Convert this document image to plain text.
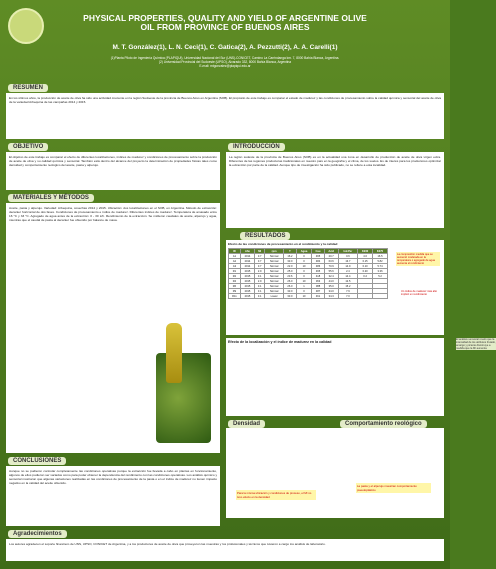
PHYSICAL PROPERTIES, QUALITY AND YIELD OF ARGENTINE OLIVE
OIL FROM PROVINCE OF BUENOS AIRES
M. T. González(1), L. N. Ceci(1), C. Gatica(2), A. Pezzutti(2), A. A. Carelli(1)
(1)Planta Piloto de Ingeniería Química (PLAPIQUI), Universidad Nacional del Sur (UNS)-CONICET, Camino La Carrindanga km. 7, 8000 Bahía Blanca, Argentina.
(2) Universidad Provincial del Sudoeste (UPSO), Alvarado 332, 8000 Bahía Blanca, Argentina
E-mail: mtgonzalez@plapiqui.edu.ar
RESUMEN
En los últimos años, la producción de aceite de oliva ha sido una actividad creciente en la región Sudoeste de la provincia de Buenos Aires en Argentina (SOB). El propósito de este trabajo es comparar el estado de madurez y las condiciones de procesamiento sobre la calidad química y sensorial del aceite de oliva de la variedad Arbequina de las campañas 2014 y 2015.
OBJETIVO
El objetivo de este trabajo es comparar el efecto de diferentes localizaciones, índices de madurez y condiciones de procesamiento sobre la producción de aceite de oliva y su calidad química y sensorial. También está dentro del alcance del proyecto la determinación de propiedades físicas tales como densidad y comportamiento reológico del aceite, pasta y alperujo.
MATERIALES Y MÉTODOS
Aceite, pasta y alperujo. Variedad: Arbequina, cosechas 2014 y 2015. Ubicación: dos localizaciones en el SOB, en Argentina. Método de extracción: decanter horizontal de dos fases. Condiciones de procesamiento e índice de madurez. Diferentes índices de madurez. Temperatura de amasado entre 16 °C y 33 °C. Agregado de agua antes de la extracción: 0 - 30 L/h. Rendimiento de la extracción. Se midieron caudales de aceite, alperujo y agua, mientras que el caudal de pasta al decanter fue obtenido por balance de masa.
INTRODUCCIÓN
La región sudeste de la provincia de Buenos Aires (SOB) es en la actualidad una zona en desarrollo de producción de aceite de oliva virgen extra. Diferentes de las regiones productoras tradicionales en nuestro país en la geografía y el clima, de los suelos. Es de interés para los productores optimizar la extracción por parte de la calidad. Aunque tipo de investigación ha sido publicado, no se refiere a esta localidad.
RESULTADOS
Efecto de las condiciones de procesamiento en el rendimiento y la calidad
ID	Año	MI	rpm	T	Agua	Cau	Acid	Ind.Per	K232	K270
A1	2014	3.7	Normal	16.2	0	465	20.7	0.6	4.0	16.5
A2	2014	3.7	Normal	33.0	0	484	63.6	13.7	0.15	5.82
A3	2014	3.7	Normal	22.0	10	486	70.9	14.9	0.10	5.74
R1	2015	2.9	Normal	25.0	0	465	55.6	2.4	0.20	3.36
R2	2015	3.1	Normal	23.6	0	418	32.4	14.4	0.2	5.2
R4	2015	2.9	Normal	26.0	10	363	44.0	12.5		
R6	2015	3.1	Normal	26.0	1	388	35.0	15.2		
R9	2015	3.1	Normal	33.0	0	487	34.0	7.9		
R11	2015	3.1	Lower	33.0	10	461	34.3	7.0		
La composición medida que se aumentó moderada en la temperatura o agregado de agua aumenta el rendimiento
Un índice de madurez más alto implicó un rendimiento
Efecto de la localización y el índice de madurez en la calidad
El análisis sensorial reveló que la intensidad de los atributos frutado, amargo y picante disminuye a medida que la MI aumenta
Densidad	Comportamiento reológico
Para la misma ubicación y condiciones de proceso, el MI no tuvo efecto en la densidad
La pasta y el alperujo muestran comportamiento pseudoplástico
CONCLUSIONES
Aunque no se pudieron controlar completamente las condiciones operativas porque la extracción fue llevada a cabo en plantas en funcionamiento, algunos de ellos pudieron ser variados como para poder obtener la dependencia del rendimiento con las condiciones operativas. Los análisis químico y sensorial mostraron que algunas variaciones realizadas en las condiciones de procesamiento de la pasta o en el índice de madurez no tienen impacto negativo en la calidad del aceite obtenido.
Agradecimientos
Los autores agradecen el soporte financiero de UNS, UPSO, CONICET de Argentina, y a los productores de aceite de oliva que proveyeron las muestras y los profesionales y técnicos que tuvieron a cargo los análisis de laboratorio.
